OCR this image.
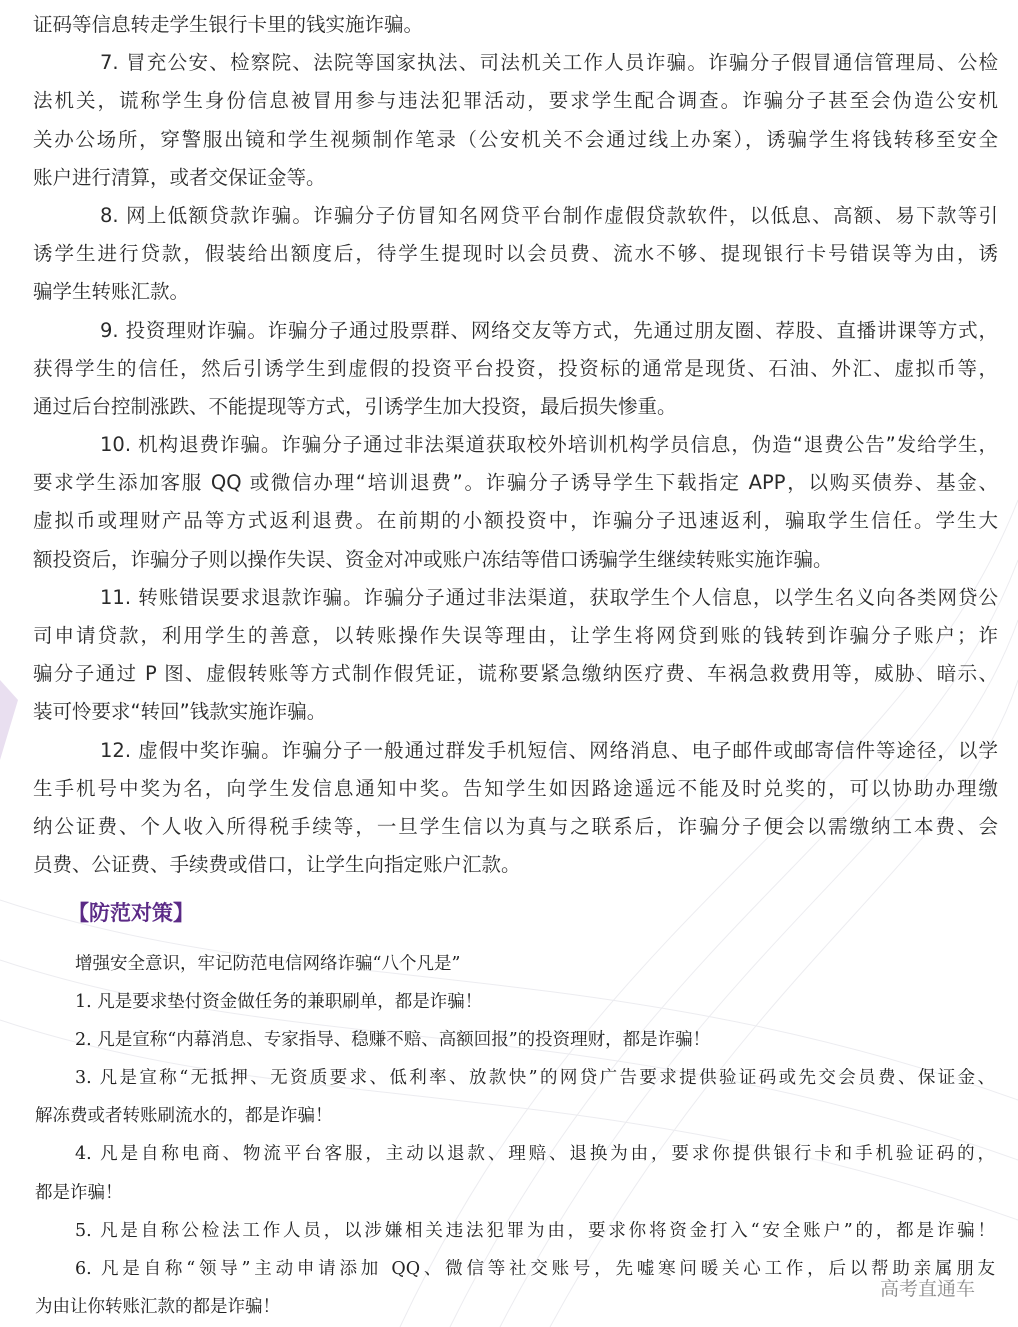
证码等信息转走学生银行卡里的钱实施诈骗。
7. 冒充公安、检察院、法院等国家执法、司法机关工作人员诈骗。诈骗分子假冒通信管理局、公检
法机关，谎称学生身份信息被冒用参与违法犯罪活动，要求学生配合调查。诈骗分子甚至会伪造公安机
关办公场所，穿警服出镜和学生视频制作笔录（公安机关不会通过线上办案），诱骗学生将钱转移至安全
账户进行清算，或者交保证金等。
8. 网上低额贷款诈骗。诈骗分子仿冒知名网贷平台制作虚假贷款软件，以低息、高额、易下款等引
诱学生进行贷款，假装给出额度后，待学生提现时以会员费、流水不够、提现银行卡号错误等为由，诱
骗学生转账汇款。
9. 投资理财诈骗。诈骗分子通过股票群、网络交友等方式，先通过朋友圈、荐股、直播讲课等方式，
获得学生的信任，然后引诱学生到虚假的投资平台投资，投资标的通常是现货、石油、外汇、虚拟币等，
通过后台控制涨跌、不能提现等方式，引诱学生加大投资，最后损失惨重。
10. 机构退费诈骗。诈骗分子通过非法渠道获取校外培训机构学员信息，伪造“退费公告”发给学生，
要求学生添加客服 QQ 或微信办理“培训退费”。诈骗分子诱导学生下载指定 APP，以购买债券、基金、
虚拟币或理财产品等方式返利退费。在前期的小额投资中，诈骗分子迅速返利，骗取学生信任。学生大
额投资后，诈骗分子则以操作失误、资金对冲或账户冻结等借口诱骗学生继续转账实施诈骗。
11. 转账错误要求退款诈骗。诈骗分子通过非法渠道，获取学生个人信息，以学生名义向各类网贷公
司申请贷款，利用学生的善意，以转账操作失误等理由，让学生将网贷到账的钱转到诈骗分子账户；诈
骗分子通过 P 图、虚假转账等方式制作假凭证，谎称要紧急缴纳医疗费、车祸急救费用等，威胁、暗示、
装可怜要求“转回”钱款实施诈骗。
12. 虚假中奖诈骗。诈骗分子一般通过群发手机短信、网络消息、电子邮件或邮寄信件等途径，以学
生手机号中奖为名，向学生发信息通知中奖。告知学生如因路途遥远不能及时兑奖的，可以协助办理缴
纳公证费、个人收入所得税手续等，一旦学生信以为真与之联系后，诈骗分子便会以需缴纳工本费、会
员费、公证费、手续费或借口，让学生向指定账户汇款。
【防范对策】
增强安全意识，牢记防范电信网络诈骗“八个凡是”
1. 凡是要求垫付资金做任务的兼职刷单，都是诈骗！
2. 凡是宣称“内幕消息、专家指导、稳赚不赔、高额回报”的投资理财，都是诈骗！
3. 凡是宣称“无抵押、无资质要求、低利率、放款快”的网贷广告要求提供验证码或先交会员费、保证金、
解冻费或者转账刷流水的，都是诈骗！
4. 凡是自称电商、物流平台客服，主动以退款、理赔、退换为由，要求你提供银行卡和手机验证码的，
都是诈骗！
5. 凡是自称公检法工作人员，以涉嫌相关违法犯罪为由，要求你将资金打入“安全账户”的，都是诈骗！
6. 凡是自称“领导”主动申请添加 QQ、微信等社交账号，先嘘寒问暖关心工作，后以帮助亲属朋友
为由让你转账汇款的都是诈骗！
高考直通车
